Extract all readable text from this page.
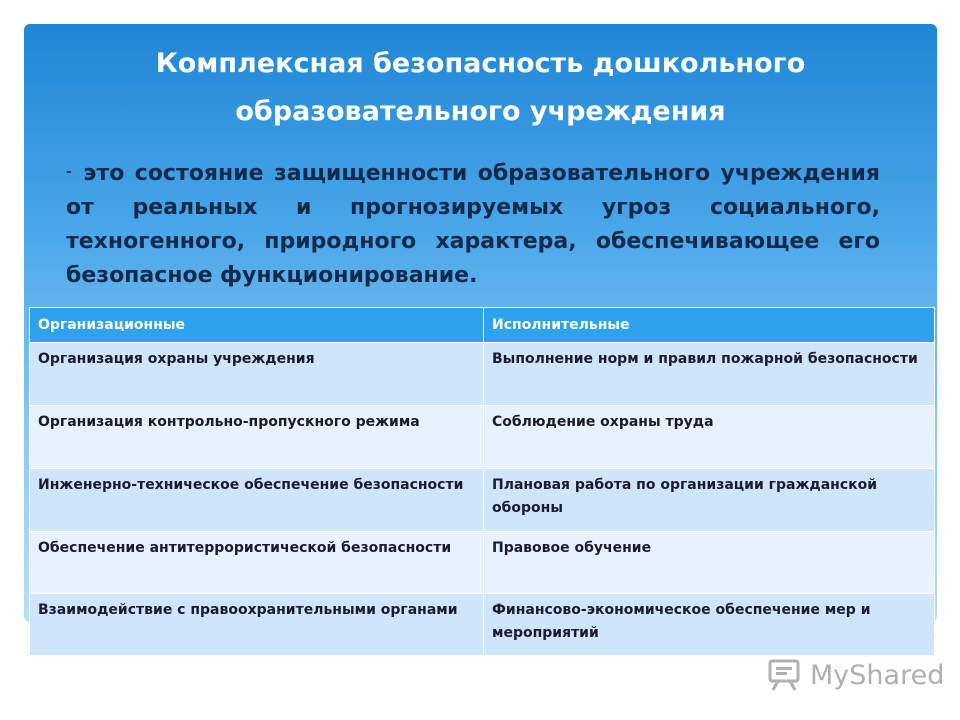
Комплексная безопасность дошкольного
образовательного учреждения
- это состояние защищенности образовательного учреждения от реальных и прогнозируемых угроз социального, техногенного, природного характера, обеспечивающее его безопасное функционирование.
Организационные	Исполнительные
Организация охраны учреждения	Выполнение норм и правил пожарной безопасности
Организация контрольно-пропускного режима	Соблюдение охраны труда
Инженерно-техническое обеспечение безопасности	Плановая работа по организации гражданской обороны
Обеспечение антитеррористической безопасности	Правовое обучение
Взаимодействие с правоохранительными органами	Финансово-экономическое обеспечение мер и мероприятий
MyShared
